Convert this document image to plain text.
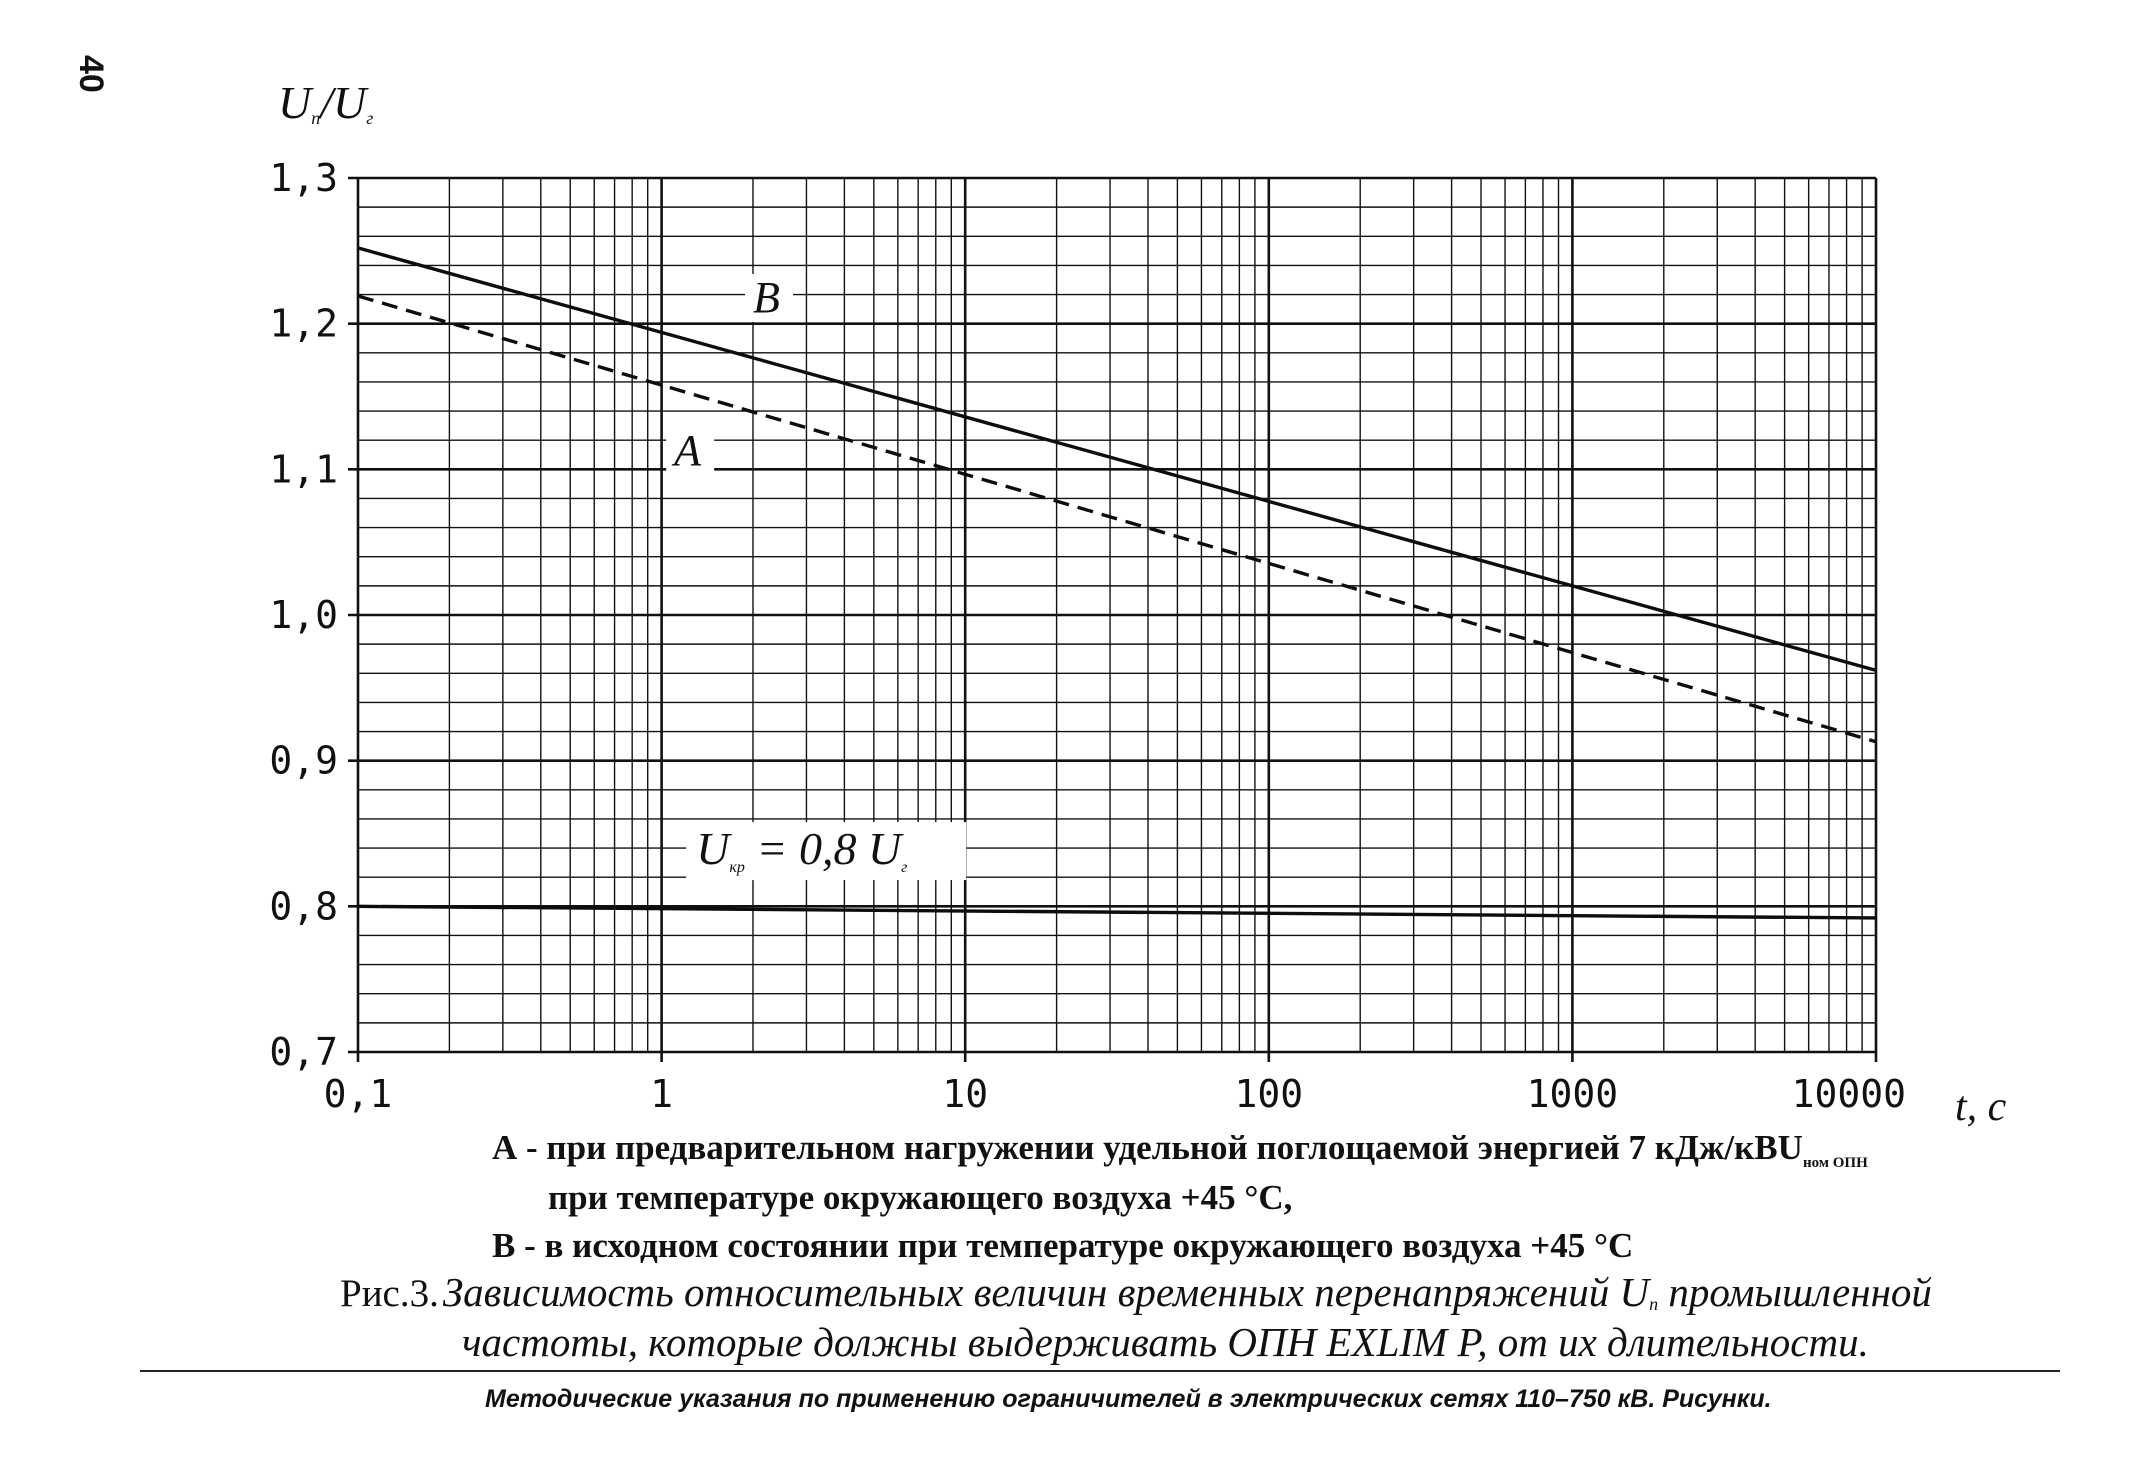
1,3
1,2
1,1
1,0
0,9
0,8
0,7
0,1	1	10	100	1000	10000
B
A
Uкр = 0,8 Uг
Uп/Uг
t, c
40
А - при предварительном нагружении удельной поглощаемой энергией 7 кДж/кВU$_{ном ОПН}$
при температуре окружающего воздуха +45 °С,
В - в исходном состоянии при температуре окружающего воздуха +45 °С
Рис.3. Зависимость относительных величин временных перенапряжений $U_п$ промышленной
частоты, которые должны выдерживать ОПН EXLIM P, от их длительности.
Методические указания по применению ограничителей в электрических сетях 110–750 кВ. Рисунки.
